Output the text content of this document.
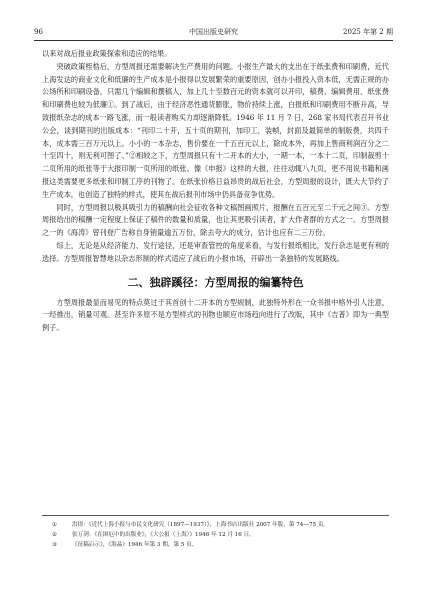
96	中国出版史研究	2025 年第 2 期

以来对战后报业政策探索和适应的结果。

突破政策桎梏后，方型周报还需要解决生产费用的问题。小报生产最大的支出在于纸张费和印刷费，近代上海发达的商业文化和低廉的生产成本是小报得以发展繁荣的重要原因，创办小报投入资本低，无需正规的办公场所和印刷设备，只需几个编辑和撰稿人，加上几十至数百元的资本就可以开印，稿费、编辑费用、纸张费和印刷费也较为低廉①。到了战后，由于经济恶性通货膨胀，物价持续上涨，白报纸和印刷费用不断升高，导致报纸杂志的成本一路飞涨，而一般读者购买力却逐渐降低。1946 年 11 月 7 日，268 家书局代表召开书业公会，谈到期刊的出版成本：“刊印二十开，五十页的期刊，加印工，装帧，封面及最简单的制版费，共四千本，成本需三百万元以上。小小的一本杂志，售价要在一千五百元以上，除成本外，再加上售商利润百分之二十至四十，则无利可图了。”②相较之下，方型周报只有十二开本的大小，一期一本，一本十二页，印制裁剪十二页所用的纸张等于大报印制一页所用的纸张。像《申报》这样的大报，往往动辄八九页，更不用说书籍和画报这类需要更多纸张和印制工序的刊物了。在纸张价格日益昂贵的战后社会，方型周报的设计，既大大节约了生产成本，也创造了独特的样式，使其在战后报刊市场中仍具备竞争优势。

同时，方型周报以极具吸引力的稿酬向社会征收各种文稿图画照片，报酬在五百元至二千元之间③。方型周报给出的稿酬一定程度上保证了稿件的数量和质量，也让其更吸引读者，扩大作者群的方式之一。方型周报之一的《海涛》曾刊登广告称自身销量逾五万份，除去夸大的成分，估计也应有二三万份。

综上，无论是从经济能力、发行途径，还是审查管控的角度来看，与发行报纸相比，发行杂志是更有利的选择。方型周报智慧地以杂志形制的样式适应了战后的小报市场，开辟出一条独特的发展路线。

二、独辟蹊径：方型周报的编纂特色

方型周报最显而易见的特点莫过于其首创十二开本的方型规制，此独特外形在一众书报中格外引人注意，一经推出，销量可观。甚至许多原不是方型样式的刊物也顺应市场趋向进行了改版，其中《吉普》即为一典型例子。

①	洪煜：《近代上海小报与市民文化研究（1897—1937）》，上海书店出版社 2007 年版，第 74—75 页。
②	张万剑：《在困厄中的出版业》，《大公报（上海）》1946 年 12 月 16 日。
③	《征稿启示》，《海晶》1946 年第 3 期，第 5 页。
